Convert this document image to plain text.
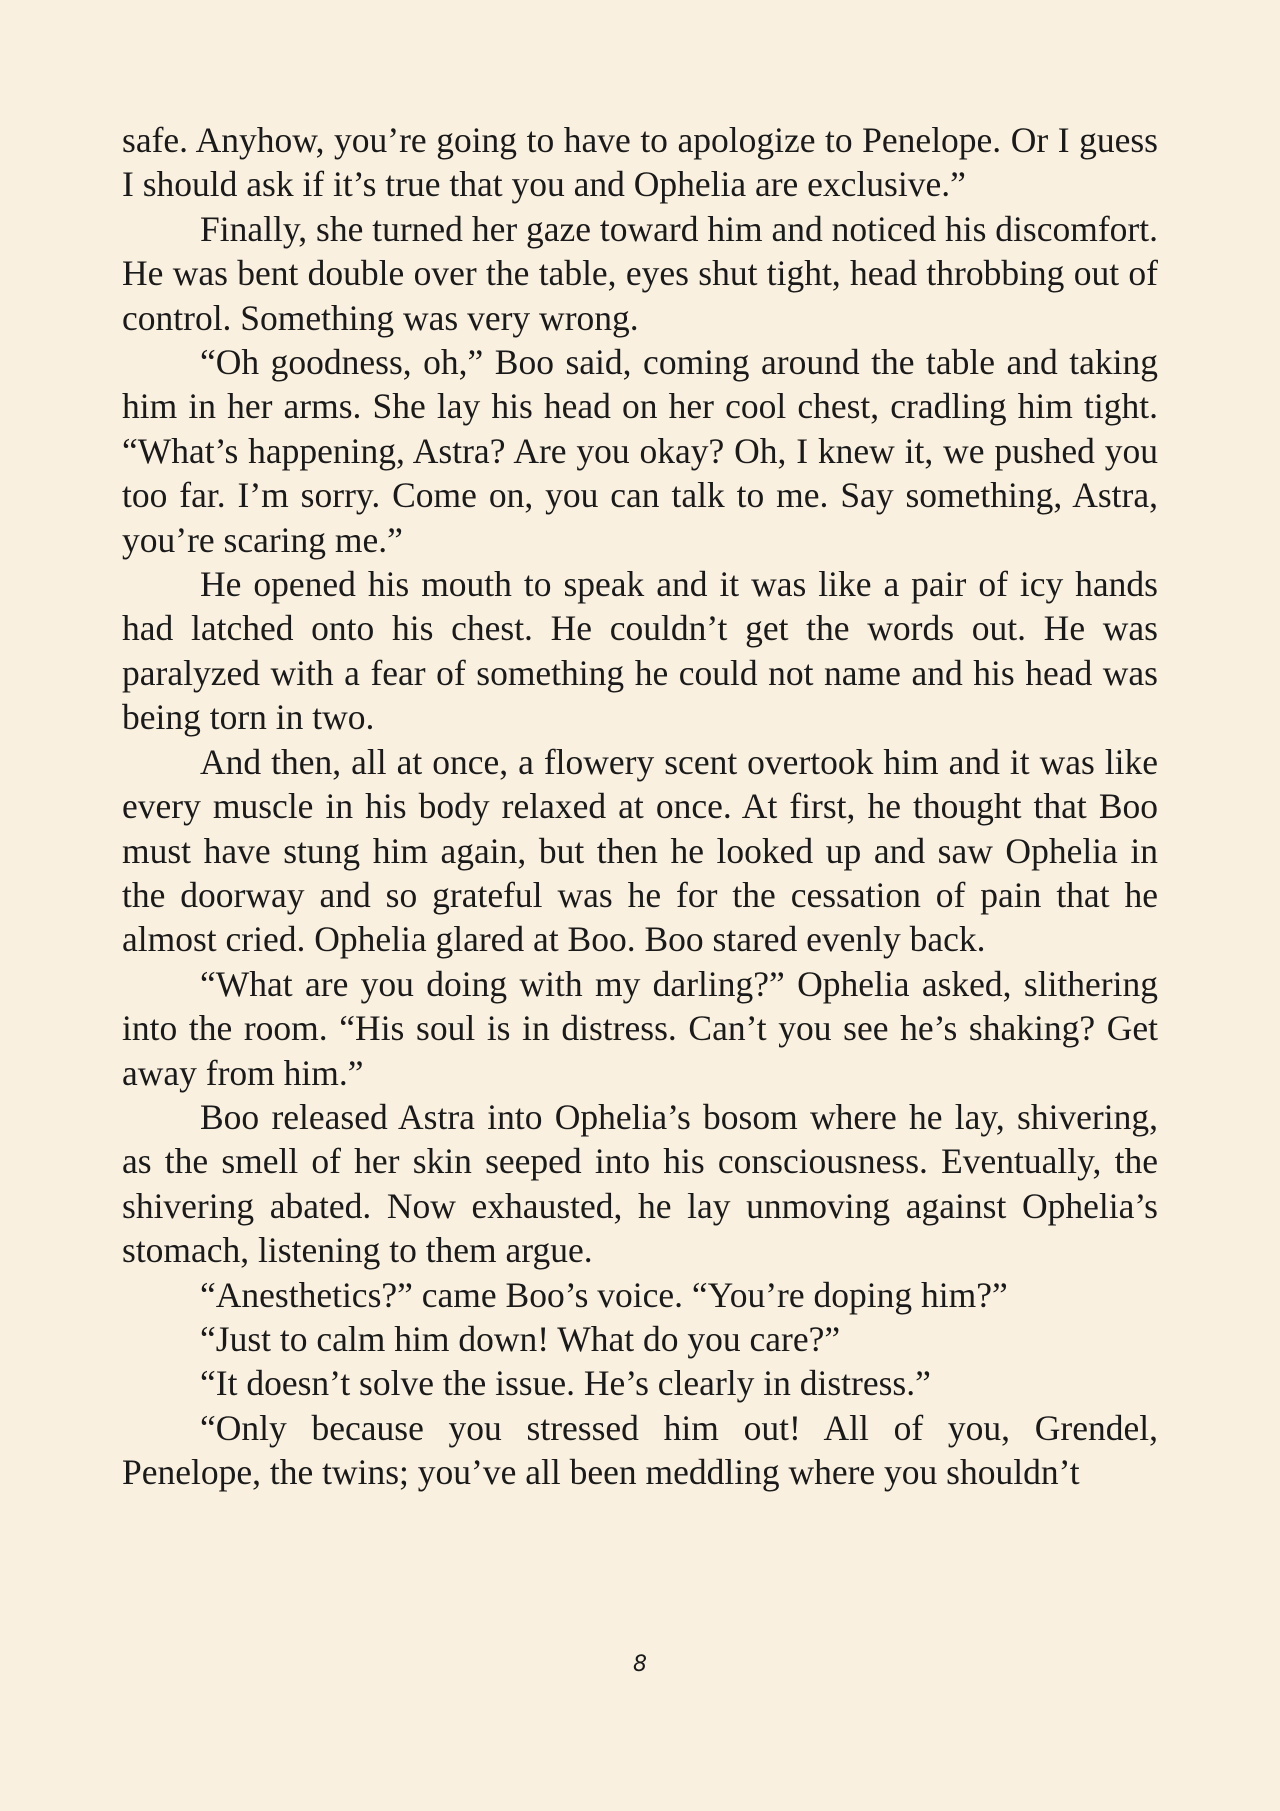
safe. Anyhow, you’re going to have to apologize to Penelope. Or I guess I should ask if it’s true that you and Ophelia are exclusive.”

Finally, she turned her gaze toward him and noticed his discomfort. He was bent double over the table, eyes shut tight, head throbbing out of control. Something was very wrong.

“Oh goodness, oh,” Boo said, coming around the table and taking him in her arms. She lay his head on her cool chest, cradling him tight. “What’s happening, Astra? Are you okay? Oh, I knew it, we pushed you too far. I’m sorry. Come on, you can talk to me. Say something, Astra, you’re scaring me.”

He opened his mouth to speak and it was like a pair of icy hands had latched onto his chest. He couldn’t get the words out. He was paralyzed with a fear of something he could not name and his head was being torn in two.

And then, all at once, a flowery scent overtook him and it was like every muscle in his body relaxed at once. At first, he thought that Boo must have stung him again, but then he looked up and saw Ophelia in the doorway and so grateful was he for the cessation of pain that he almost cried. Ophelia glared at Boo. Boo stared evenly back.

“What are you doing with my darling?” Ophelia asked, slithering into the room. “His soul is in distress. Can’t you see he’s shaking? Get away from him.”

Boo released Astra into Ophelia’s bosom where he lay, shivering, as the smell of her skin seeped into his consciousness. Eventually, the shivering abated. Now exhausted, he lay unmoving against Ophelia’s stomach, listening to them argue.

“Anesthetics?” came Boo’s voice. “You’re doping him?”

“Just to calm him down! What do you care?”

“It doesn’t solve the issue. He’s clearly in distress.”

“Only because you stressed him out! All of you, Grendel, Penelope, the twins; you’ve all been meddling where you shouldn’t

8
